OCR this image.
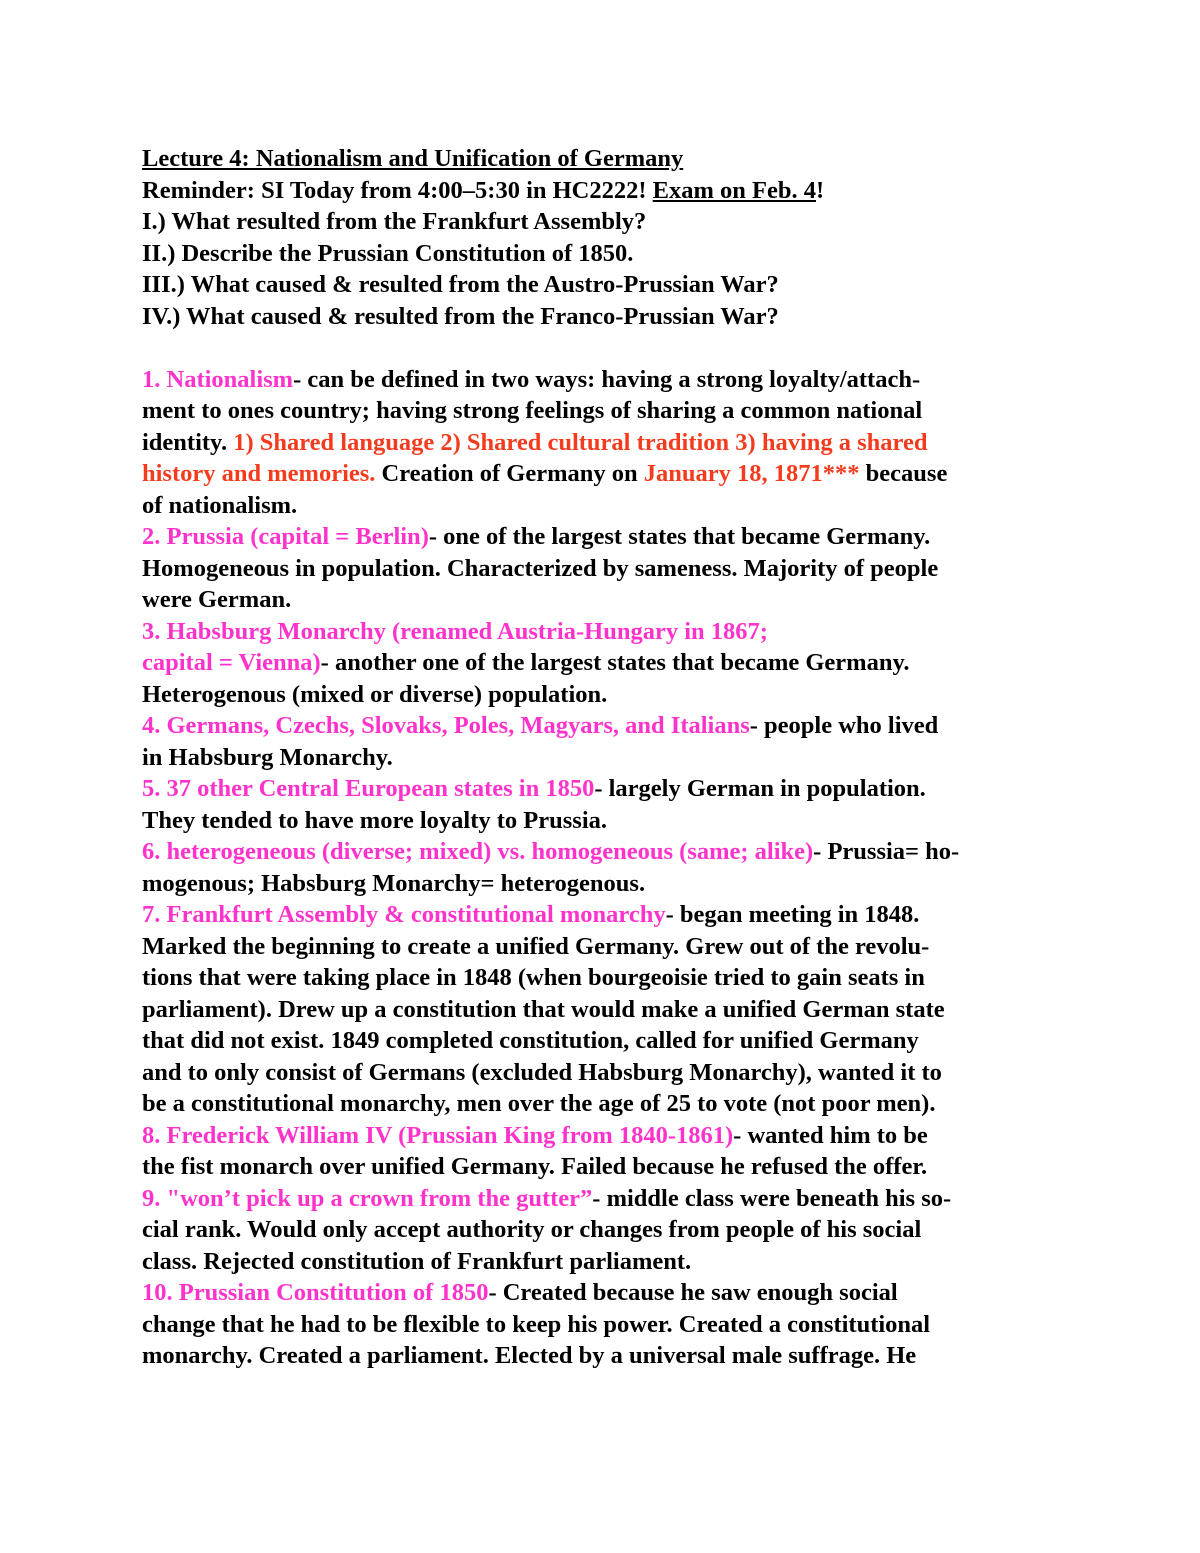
Lecture 4: Nationalism and Unification of Germany
Reminder: SI Today from 4:00–5:30 in HC2222! Exam on Feb. 4!
I.) What resulted from the Frankfurt Assembly?
II.) Describe the Prussian Constitution of 1850.
III.) What caused & resulted from the Austro-Prussian War?
IV.) What caused & resulted from the Franco-Prussian War?
1. Nationalism- can be defined in two ways: having a strong loyalty/attach-
ment to ones country; having strong feelings of sharing a common national
identity. 1) Shared language 2) Shared cultural tradition 3) having a shared
history and memories. Creation of Germany on January 18, 1871*** because
of nationalism.
2. Prussia (capital = Berlin)- one of the largest states that became Germany.
Homogeneous in population. Characterized by sameness. Majority of people
were German.
3. Habsburg Monarchy (renamed Austria-Hungary in 1867;
capital = Vienna)- another one of the largest states that became Germany.
Heterogenous (mixed or diverse) population.
4. Germans, Czechs, Slovaks, Poles, Magyars, and Italians- people who lived
in Habsburg Monarchy.
5. 37 other Central European states in 1850- largely German in population.
They tended to have more loyalty to Prussia.
6. heterogeneous (diverse; mixed) vs. homogeneous (same; alike)- Prussia= ho-
mogenous; Habsburg Monarchy= heterogenous.
7. Frankfurt Assembly & constitutional monarchy- began meeting in 1848.
Marked the beginning to create a unified Germany. Grew out of the revolu-
tions that were taking place in 1848 (when bourgeoisie tried to gain seats in
parliament). Drew up a constitution that would make a unified German state
that did not exist. 1849 completed constitution, called for unified Germany
and to only consist of Germans (excluded Habsburg Monarchy), wanted it to
be a constitutional monarchy, men over the age of 25 to vote (not poor men).
8. Frederick William IV (Prussian King from 1840-1861)- wanted him to be
the fist monarch over unified Germany. Failed because he refused the offer.
9. "won’t pick up a crown from the gutter”- middle class were beneath his so-
cial rank. Would only accept authority or changes from people of his social
class. Rejected constitution of Frankfurt parliament.
10. Prussian Constitution of 1850- Created because he saw enough social
change that he had to be flexible to keep his power. Created a constitutional
monarchy. Created a parliament. Elected by a universal male suffrage. He
